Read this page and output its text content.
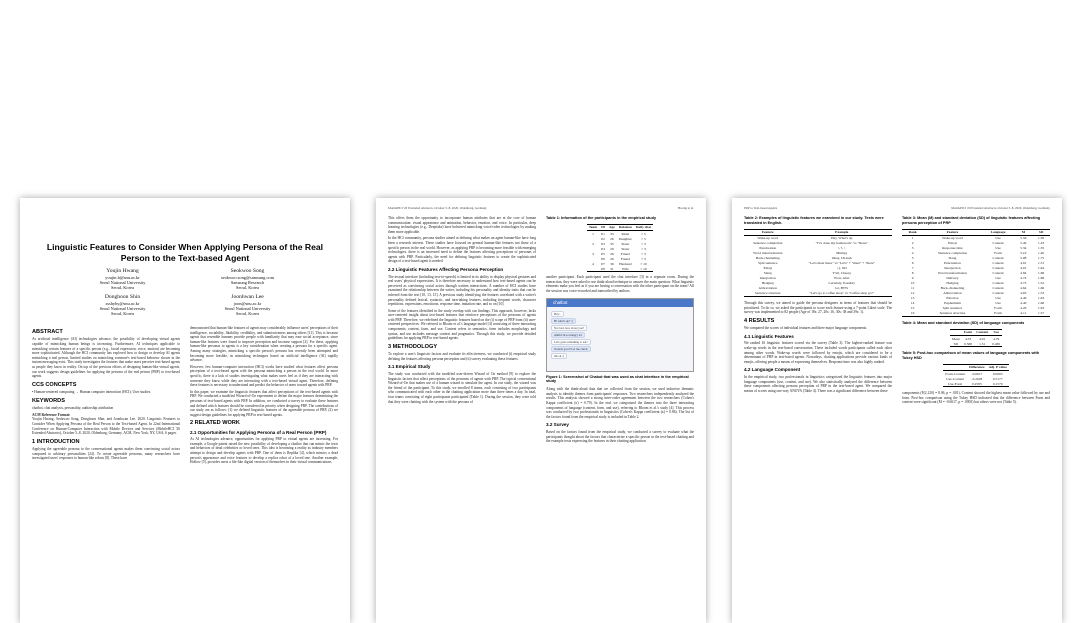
Linguistic Features to Consider When Applying Persona of the Real Person to the Text-based Agent
Youjin Hwang
youjin.h@snu.ac.kr
Seoul National University
Seoul, Korea
Seokwoo Song
seokwoo.song@samsung.com
Samsung Research
Seoul, Korea
Donghoon Shin
ssshyhy@snu.ac.kr
Seoul National University
Seoul, Korea
Joonhwan Lee
joon@snu.ac.kr
Seoul National University
Seoul, Korea
ABSTRACT

As artificial intelligence (AI) technologies advance, the possibility of developing virtual agents capable of mimicking human beings is increasing. Furthermore, AI techniques applicable to mimicking certain features of a specific person (e.g., facial expression, voice, motion) are becoming more sophisticated. Although the HCI community has explored how to design or develop AI agents mimicking a real person, limited studies on mimicking someone's text-based behavior shown in the instant messaging exist. This study investigates the features that make users perceive text-based agents as people they know in reality. On top of the previous efforts of designing human-like virtual agents, our work suggests design guidelines for applying the persona of the real person (PRP) to text-based agents.

CCS CONCEPTS

• Human-centered computing → Human computer interaction (HCI); User studies.

KEYWORDS

chatbot, chat analysis, personality, authorship attribution

ACM Reference Format:

Youjin Hwang, Seokwoo Song, Donghoon Shin, and Joonhwan Lee. 2020. Linguistic Features to Consider When Applying Persona of the Real Person to the Text-based Agent. In 22nd International Conference on Human-Computer Interaction with Mobile Devices and Services (MobileHCI '20 Extended Abstracts), October 5–8, 2020, Oldenburg, Germany. ACM, New York, NY, USA, 6 pages.

1 INTRODUCTION

Applying the agreeable persona to the conversational agents makes them convincing social actors compared to arbitrary personalities [24]. To create agreeable personas, many researchers have investigated users' responses to human-like robots [8]. These have

demonstrated that human-like features of agents may considerably influence users' perceptions of their intelligence, sociability, likability, credibility, and submissiveness among others [11]. This is because agents that resemble humans provide people with familiarity that may ease social acceptance, since human-like features were found to improve perception and increase support [2]. For these, applying human-like personas to agents is a key consideration when creating a persona for a specific agent. Among many strategies, mimicking a specific person's persona has recently been attempted and becoming more feasible, as mimicking techniques based on artificial intelligence (AI) rapidly advance.

However, few human-computer interaction (HCI) works have studied what features affect persona perception of a text-based agent with the persona mimicking a person in the real world. In more specific, there is a lack of studies investigating what makes users feel as if they are interacting with someone they know while they are interacting with a text-based virtual agent. Therefore, defining these features is necessary to understand and predict the behavior of users toward agents with PRP.

In this paper, we examine the linguistic features that affect perceptions of the text-based agents with PRP. We conducted a modified Wizard-of-Oz experiment to define the major features determining the personas of text-based agents with PRP. In addition, we conducted a survey to evaluate these features and defined which features should be considered in priority when designing PRP. The contributions of our study are as follows: (1) we defined linguistic features of the agreeable persona of PRP, (2) we suggest design guidelines for applying PRP to text-based agents.

2 RELATED WORK
2.1 Opportunities for Applying Persona of a Real Person (PRP)

As AI technologies advance, opportunities for applying PRP to virtual agents are increasing. For example, a Google patent raised the new possibility of developing a chatbot that can mimic the texts and behaviors of dead celebrities or loved ones. This idea is becoming a reality as industry members attempt to design and develop agents with PRP. One of them is Replika [4], which mimics a dead person's appearance and voice features to develop a replica robot of a loved one. Another example, Hollow [5], provides users a life-like digital version of themselves in their virtual communications

MobileHCI '20 Extended Abstracts, October 5–8, 2020, Oldenburg, Germany	Hwang et al.

This offers them the opportunity to incorporate human attributes that are at the core of human communication: visual appearance and animation, behavior, emotion, and voice. In particular, deep learning technologies (e.g., Deepfake) have bolstered mimicking voice/video technologies by making them more applicable.

In the HCI community, persona studies aimed at defining what makes an agent human-like have long been a research interest. These studies have focused on general human-like features not those of a specific person in the real world. However, as applying PRP is becoming more feasible with emerging technologies, there is an increased need to define the features affecting perceptions of personas of agents with PRP. Particularly, the need for defining linguistic features to create the sophisticated design of a text-based agent is needed.

2.2 Linguistic Features Affecting Persona Perception

The textual interface (including text-to-speech) is limited in its ability to display physical gestures and real users' physical expressions. It is therefore necessary to understand how text-based agents can be perceived as convincing social actors through written interactions. A number of HCI studies have examined the relationship between the writer, including his personality and identity traits that can be inferred from the text [10, 13, 15]. A previous study identifying the features correlated with a writer's personality defined lexical, syntactic, and turn-taking features, including frequent words, character repetitions, expressions, emoticons, response time, imitation rate, and so on [10].

Some of the features identified in the study overlap with our findings. This approach, however, lacks user-centered insight about text-based features that reinforce perceptions of the personas of agents with PRP. Therefore, we redefined the linguistic features based on the (i) scope of PRP from (ii) user-centered perspectives. We referred to Bloom et al.'s language model [4] consisting of three interacting components: content, form, and use. Content refers to semantics, form includes morphology and syntax, and use includes message context and pragmatics. Through this study, we provide detailed guidelines for applying PRP to text-based agents.

3 METHODOLOGY

To explore a user's linguistic factors and evaluate its effectiveness, we conducted (i) empirical study defining the features affecting persona perception and (ii) survey evaluating these features.

3.1 Empirical Study

The study was conducted with the modified user-driven Wizard of Oz method [9] to explore the linguistic factors that affect perceptions of the personas of agents with PRP. The typical conventional Wizard-of-Oz that makes use of a human wizard to simulate the agent. In our study, the wizard was the friend of the participant. To this study, we enrolled 8 teams, each consisting of two participants who communicated with each other in the chatting application more than three times a day. In total, four teams consisting of eight participants participated (Table 1). During the session, they were told that they were chatting with the system with the persona of

Table 1: Information of the participants in the empirical study
Team	ID	Age	Relation	Daily chat
1	P1	33	Mom	> 5
	P2	26	Daughter	> 5
2	P3	35	Sister	> 3
	P4	29	Sister	> 3
3	P5	26	Friend	> 3
	P6	26	Friend	> 3
4	P7	36	Husband	> 10
	P8	31	Wife	> 10

another participant. Each participant used the chat interface [3] in a separate room. During the interaction, they were asked to use think-aloud technique to answer the main question: What linguistic elements make you feel as if you are having a conversation with the other participant on the team? All the session was voice-recorded and transcribed by authors.

chatbot
Hey~
Hi what's up? :)
Not bad, how about you?
Ahhh I'm so hungry lol
Let's grab something to eat?
Sounds good! Let me check
Ok ok :)
Figure 1: Screenshot of Chabot that was used as chat interface in the empirical study

Along with the think-aloud data that we collected from the session, we used inductive thematic analysis to identify themes from participants' responses. Two researchers independently analyzed the results. This analysis showed a strong inter-coder agreement between the two researchers (Cohen's Kappa coefficient (κ) = 0.79). In the end, we categorized the themes into the three interacting components of language (content, form, and use), referring to Bloom et al.'s study [4]. This process was conducted by two professionals in linguistics (Cohen's Kappa coefficient (κ) = 0.86). The list of the factors found from the empirical study is included in Table 2.

3.2 Survey

Based on the factors found from the empirical study, we conducted a survey to evaluate what the participants thought about the factors that characterize a specific person in the text-based chatting and the example texts expressing the features in their chatting application.

PRP to Text-based Agents	MobileHCI '20 Extended Abstracts, October 5–8, 2020, Oldenburg, Germany
Table 2: Examples of linguistic features we examined in our study. Texts were translated in English.
Feature	Example
Wake-up word	Hey, What's up
Sentence completion	"I've done my homework" vs "Done"
Punctuation	!, ?, ~
Word transformation	Mumpy
Back-channeling	Okay, Uh-huh
Split sentence	"Let's meet there" vs "Let's" + "meet" + "there"
Emoji	:-), XD
Slang	Y'all, Cheesy
Interjection	Wow, Aha!
Hedging	Certainly, Possibly
Abbreviation	lol, BTW
Sentence structure	"Let's go to coffee shop" vs "Coffee shop go!"

Through this survey, we aimed to guide the persona designers in terms of features that should be prioritized. To do so, we asked the participants to score each feature using a 7-point Likert scale. The survey was implemented to 82 people (Age of 18s: 27, 20s: 16, 30s: 38 and 39s: 1).

4 RESULTS

We compared the scores of individual features and three major language components.

4.1 Linguistic Features

We ranked 16 linguistic features scored via the survey (Table 3). The highest-ranked feature was wake-up words in the text-based conversation. These included words participants called each other among other words. Wake-up words were followed by emojis, which are considered to be a determinant of PRP in text-based agents. Nowadays, chatting applications provide various kinds of emojis, offering people a means of expressing themselves. Response time was also highly ranked.

4.2 Language Component

In the empirical study, two professionals in linguistics categorized the linguistic features into major language components (use, content, and use). We also statistically analyzed the difference between these components affecting persona perception of PRP in the text-based agent. We compared the means of scores using one-way ANOVA (Table 4). There was a significant difference between these

Table 3: Mean (M) and standard deviation (SD) of linguistic features affecting persona perception of PRP
Rank	Feature	Language	M	SD
1	Wake-up word	Use	5.56	1.30
2	Emoji	Content	5.40	1.23
3	Response time	Use	5.34	1.35
4	Sentence completion	Form	5.19	1.40
5	Slang	Content	5.08	1.75
6	Punctuation	Content	4.91	1.51
7	Interjection	Content	4.91	1.64
8	Word transformation	Content	4.84	1.68
9	Delivery	Use	4.74	1.68
10	Hedging	Content	4.73	1.52
11	Back-channeling	Content	4.64	1.66
12	Abbreviation	Content	4.63	1.53
13	Emotion	Use	4.49	1.63
14	Euphemism	Use	4.40	1.66
15	Split sentence	Form	4.29	1.63
16	Sentence structure	Form	4.11	1.57
Table 4: Mean and standard deviation (SD) of language components
	Form	Content	Use
Mean	4.53	4.91	4.79
SD	0.568	1.51	0.465
Table 5: Post-hoc comparison of mean values of language components with Tukey HSD
	Difference	Adj. P value
Form-Content	-0.6617	0.0003
Use-Content	-0.2028	0.5177
Use-Form	0.2585	0.1579

components (F(2,120) = 8.06, p = .001). Content showed the highest mean value followed by use and form. Post-hoc comparison using the Tukey HSD indicated that the difference between Form and content were significant (M = -0.6617, p = .0003) but others were not (Table 5).
